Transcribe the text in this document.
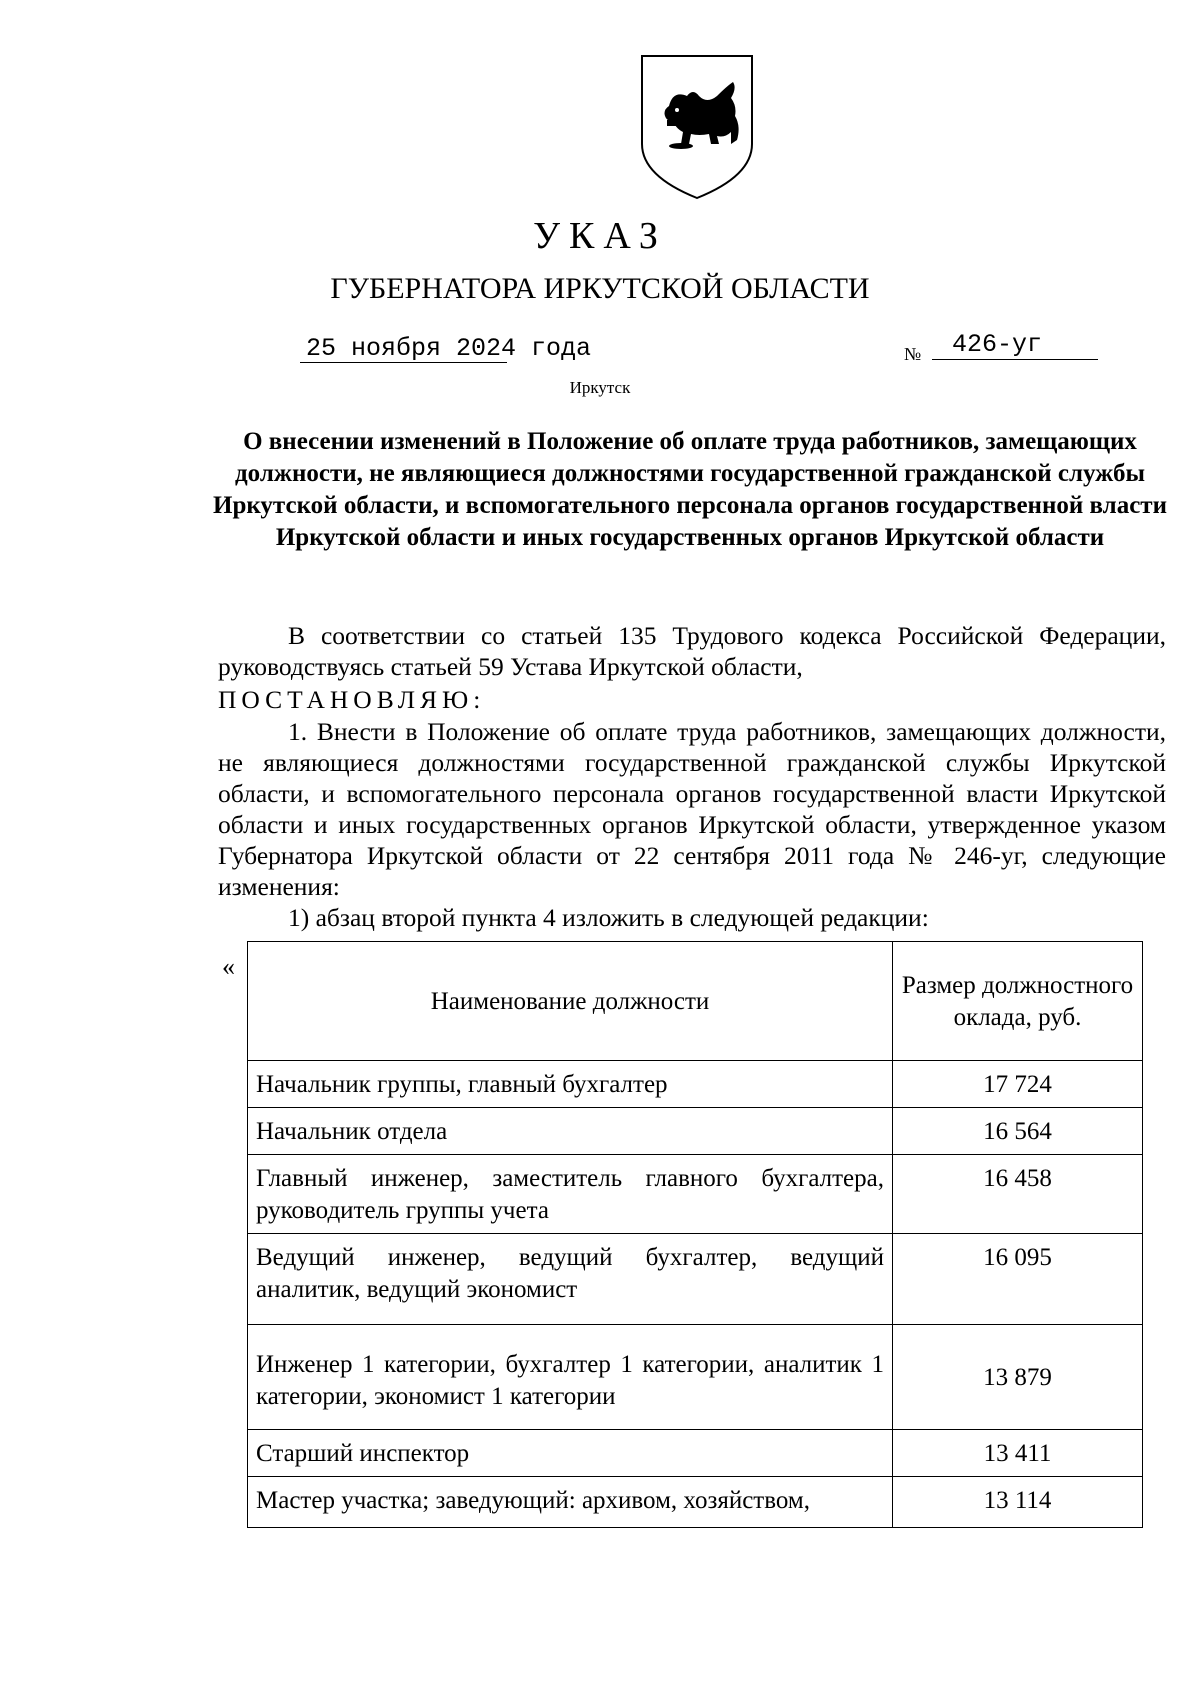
УКАЗ
ГУБЕРНАТОРА ИРКУТСКОЙ ОБЛАСТИ
25 ноября 2024 года	№ 426-уг
Иркутск
О внесении изменений в Положение об оплате труда работников, замещающих должности, не являющиеся должностями государственной гражданской службы Иркутской области, и вспомогательного персонала органов государственной власти Иркутской области и иных государственных органов Иркутской области
В соответствии со статьей 135 Трудового кодекса Российской Федерации, руководствуясь статьей 59 Устава Иркутской области,
ПОСТАНОВЛЯЮ:
1. Внести в Положение об оплате труда работников, замещающих должности, не являющиеся должностями государственной гражданской службы Иркутской области, и вспомогательного персонала органов государственной власти Иркутской области и иных государственных органов Иркутской области, утвержденное указом Губернатора Иркутской области от 22 сентября 2011 года № 246-уг, следующие изменения:
1) абзац второй пункта 4 изложить в следующей редакции:
«
Наименование должности	Размер должностного оклада, руб.
Начальник группы, главный бухгалтер	17 724
Начальник отдела	16 564
Главный инженер, заместитель главного бухгалтера, руководитель группы учета	16 458
Ведущий инженер, ведущий бухгалтер, ведущий аналитик, ведущий экономист	16 095
Инженер 1 категории, бухгалтер 1 категории, аналитик 1 категории, экономист 1 категории	13 879
Старший инспектор	13 411
Мастер участка; заведующий: архивом, хозяйством,	13 114
